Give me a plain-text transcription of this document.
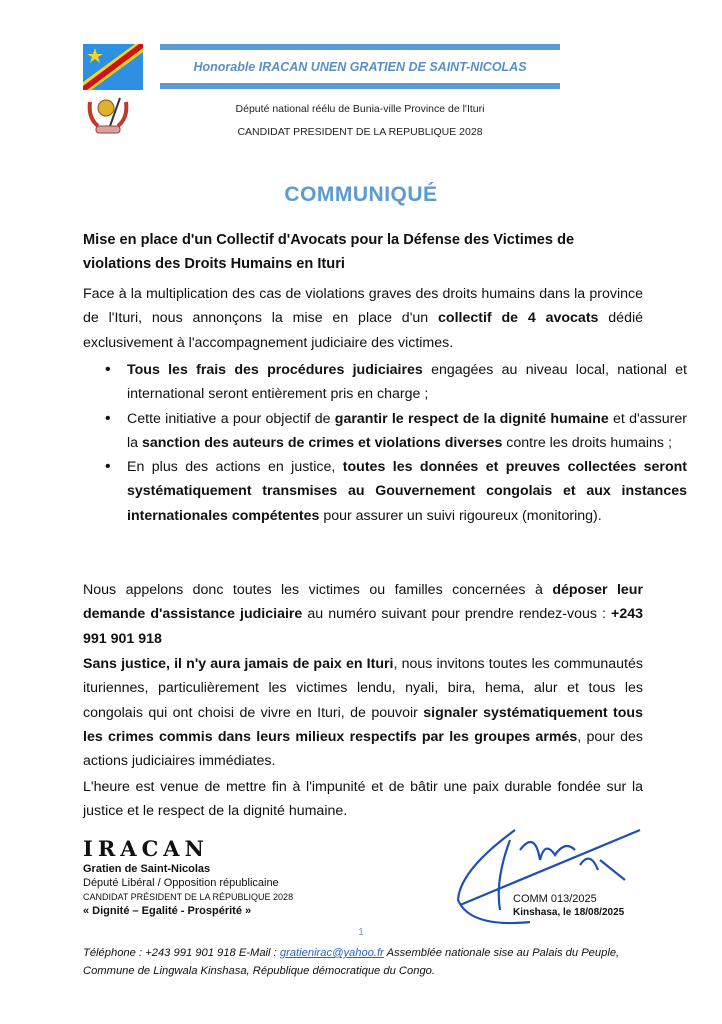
Honorable IRACAN UNEN GRATIEN DE SAINT-NICOLAS
Député national réélu de Bunia-ville Province de l'Ituri
CANDIDAT PRESIDENT DE LA REPUBLIQUE 2028
COMMUNIQUÉ
Mise en place d'un Collectif d'Avocats pour la Défense des Victimes de violations des Droits Humains en Ituri
Face à la multiplication des cas de violations graves des droits humains dans la province de l'Ituri, nous annonçons la mise en place d'un collectif de 4 avocats dédié exclusivement à l'accompagnement judiciaire des victimes.
• Tous les frais des procédures judiciaires engagées au niveau local, national et international seront entièrement pris en charge ;
• Cette initiative a pour objectif de garantir le respect de la dignité humaine et d'assurer la sanction des auteurs de crimes et violations diverses contre les droits humains ;
• En plus des actions en justice, toutes les données et preuves collectées seront systématiquement transmises au Gouvernement congolais et aux instances internationales compétentes pour assurer un suivi rigoureux (monitoring).
Nous appelons donc toutes les victimes ou familles concernées à déposer leur demande d'assistance judiciaire au numéro suivant pour prendre rendez-vous : +243 991 901 918
Sans justice, il n'y aura jamais de paix en Ituri, nous invitons toutes les communautés ituriennes, particulièrement les victimes lendu, nyali, bira, hema, alur et tous les congolais qui ont choisi de vivre en Ituri, de pouvoir signaler systématiquement tous les crimes commis dans leurs milieux respectifs par les groupes armés, pour des actions judiciaires immédiates.
L'heure est venue de mettre fin à l'impunité et de bâtir une paix durable fondée sur la justice et le respect de la dignité humaine.
IRACAN
Gratien de Saint-Nicolas
Député Libéral / Opposition républicaine
CANDIDAT PRÉSIDENT DE LA RÉPUBLIQUE 2028
« Dignité – Egalité - Prospérité »
COMM 013/2025
Kinshasa, le 18/08/2025
1
Téléphone : +243 991 901 918 E-Mail : gratienirac@yahoo.fr Assemblée nationale sise au Palais du Peuple, Commune de Lingwala Kinshasa, République démocratique du Congo.
